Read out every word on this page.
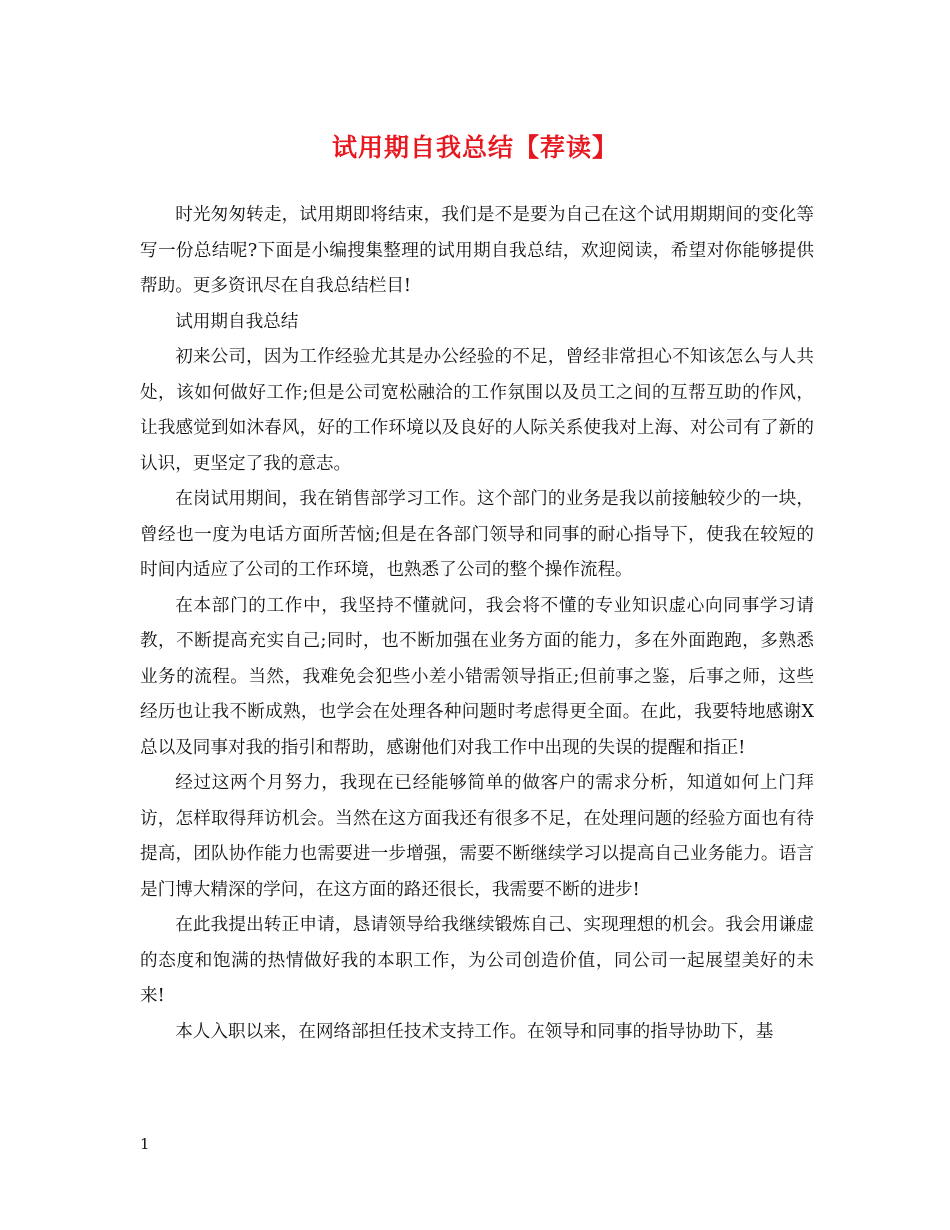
试用期自我总结【荐读】

时光匆匆转走，试用期即将结束，我们是不是要为自己在这个试用期期间的变化等写一份总结呢?下面是小编搜集整理的试用期自我总结，欢迎阅读，希望对你能够提供帮助。更多资讯尽在自我总结栏目!

试用期自我总结

初来公司，因为工作经验尤其是办公经验的不足，曾经非常担心不知该怎么与人共处，该如何做好工作;但是公司宽松融洽的工作氛围以及员工之间的互帮互助的作风，让我感觉到如沐春风，好的工作环境以及良好的人际关系使我对上海、对公司有了新的认识，更坚定了我的意志。

在岗试用期间，我在销售部学习工作。这个部门的业务是我以前接触较少的一块，曾经也一度为电话方面所苦恼;但是在各部门领导和同事的耐心指导下，使我在较短的时间内适应了公司的工作环境，也熟悉了公司的整个操作流程。

在本部门的工作中，我坚持不懂就问，我会将不懂的专业知识虚心向同事学习请教，不断提高充实自己;同时，也不断加强在业务方面的能力，多在外面跑跑，多熟悉业务的流程。当然，我难免会犯些小差小错需领导指正;但前事之鉴，后事之师，这些经历也让我不断成熟，也学会在处理各种问题时考虑得更全面。在此，我要特地感谢X总以及同事对我的指引和帮助，感谢他们对我工作中出现的失误的提醒和指正!

经过这两个月努力，我现在已经能够简单的做客户的需求分析，知道如何上门拜访，怎样取得拜访机会。当然在这方面我还有很多不足，在处理问题的经验方面也有待提高，团队协作能力也需要进一步增强，需要不断继续学习以提高自己业务能力。语言是门博大精深的学问，在这方面的路还很长，我需要不断的进步!

在此我提出转正申请，恳请领导给我继续锻炼自己、实现理想的机会。我会用谦虚的态度和饱满的热情做好我的本职工作，为公司创造价值，同公司一起展望美好的未来!

本人入职以来，在网络部担任技术支持工作。在领导和同事的指导协助下，基

1
